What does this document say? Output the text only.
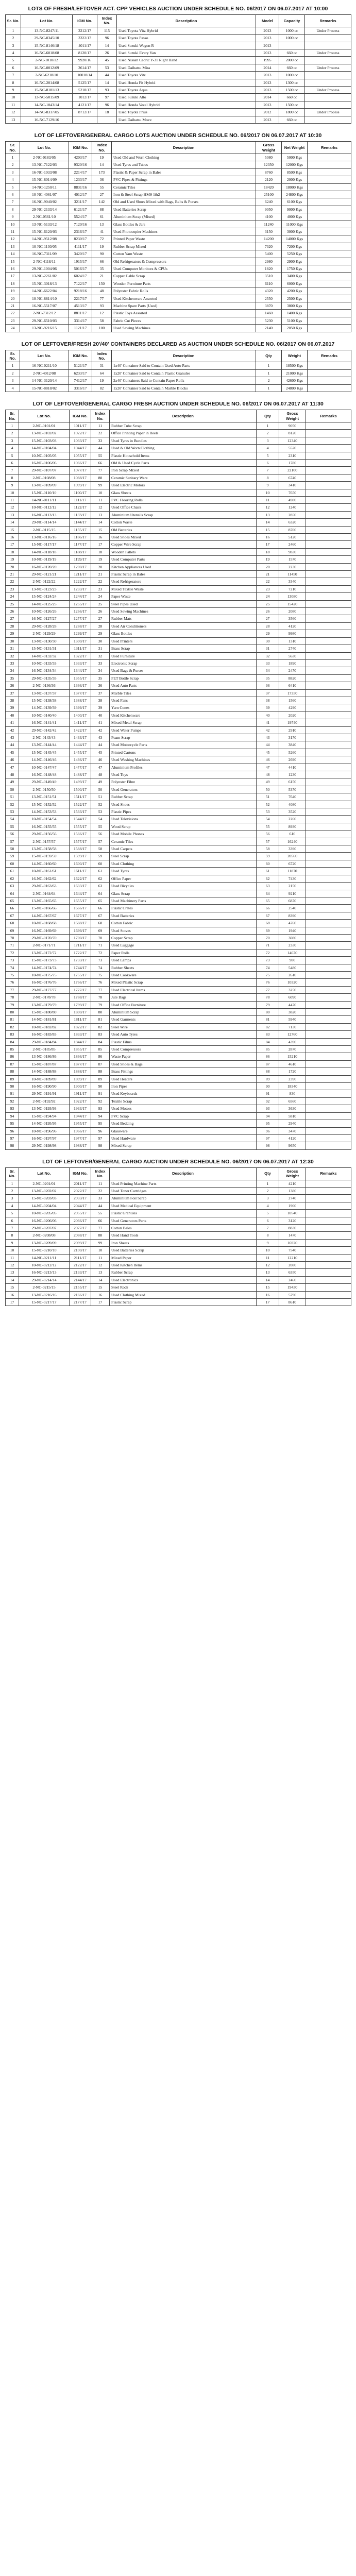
LOTS OF FRESH/LEFTOVER ACT. CPP VEHICLES AUCTION UNDER SCHEDULE NO. 06/2017 ON 06.07.2017 AT 10:00
Sr. No.	Lot No.	IGM No.	Index No.	Description	Model	Capacity	Remarks
1	13-NC-8247/11	3212/17	115	Used Toyota Vitz Hybrid	2013	1000 cc	Under Process
2	29-NC-0345/10	3322/17	96	Used Toyota Passo	2013	1000 cc	
3	15-NC-8146/18	4011/17	14	Used Suzuki Wagon R	2013		
4	16-NC-6018/08	8120/17	26	Used Suzuki Every Van	2013	660 cc	Under Process
5	2-NC-1010/12	9920/16	45	Used Nissan Cedric Y-31 Right Hand	1995	2000 cc	
6	10-NC-0012/09	3614/17	53	Used Daihatsu Mira	2014	660 cc	Under Process
7	2-NC-6218/10	10018/14	44	Used Toyota Vitz	2013	1000 cc	
8	10-NC-2014/08	5125/17	14	Used Honda Fit Hybrid	2013	1300 cc	
9	15-NC-8181/13	5218/17	93	Used Toyota Aqua	2013	1500 cc	Under Process
10	13-NC-5015/09	1012/17	97	Used Suzuki Alto	2014	660 cc	
11	14-NC-1043/14	4121/17	96	Used Honda Vezel Hybrid	2013	1500 cc	
12	14-NC-8317/05	8712/17	18	Used Toyota Prius	2012	1800 cc	Under Process
13	16-NC-7129/16			Used Daihatsu Move	2013	660 cc	
LOT OF LEFTOVER/GENERAL CARGO LOTS AUCTION UNDER SCHEDULE NO. 06/2017 ON 06.07.2017 AT 10:30
Sr. No.	Lot No.	IGM No.	Index No.	Description	Gross Weight	Net Weight	Remarks
1	2-NC-0183/05	4203/17	19	Used Old and Worn Clothing	5080	5000 Kgs	
2	13-NC-7122/03	9320/16	14	Used Tyres and Tubes	12350	12000 Kgs	
3	16-NC-1033/08	2214/17	173	Plastic & Paper Scrap in Bales	8760	8500 Kgs	
4	15-NC-8014/09	1233/17	36	PVC Pipes & Fittings	2120	2000 Kgs	
5	14-NC-1250/11	8831/16	55	Ceramic Tiles	18420	18000 Kgs	
6	10-NC-4061/07	4012/17	27	Iron & Steel Scrap HMS 1&2	25100	24800 Kgs	
7	16-NC-9040/02	3211/17	142	Old and Used Shoes Mixed with Bags, Belts & Purses	6240	6100 Kgs	
8	29-NC-2133/14	6121/17	88	Used Batteries Scrap	9050	9000 Kgs	
9	2-NC-0561/10	5524/17	61	Aluminium Scrap (Mixed)	4100	4000 Kgs	
10	13-NC-5133/12	7120/16	13	Glass Bottles & Jars	11240	11000 Kgs	
11	15-NC-6120/03	2316/17	41	Used Photocopier Machines	3150	3000 Kgs	
12	14-NC-9512/08	8230/17	72	Printed Paper Waste	14200	14000 Kgs	
13	10-NC-1130/05	4111/17	19	Rubber Scrap Mixed	7320	7200 Kgs	
14	16-NC-7311/09	3420/17	90	Cotton Yarn Waste	5400	5250 Kgs	
15	2-NC-4118/11	1915/17	66	Old Refrigerators & Compressors	2980	2900 Kgs	
16	29-NC-1004/06	5016/17	35	Used Computer Monitors & CPUs	1820	1750 Kgs	
17	13-NC-2261/02	6024/17	21	Copper Cable Scrap	3510	3400 Kgs	
18	15-NC-3018/13	7122/17	150	Wooden Furniture Parts	6110	6000 Kgs	
19	14-NC-6622/04	9218/16	48	Polyester Fabric Rolls	4320	4200 Kgs	
20	10-NC-8814/10	2217/17	77	Used Kitchenware Assorted	2550	2500 Kgs	
21	16-NC-5517/07	4513/17	93	Machine Spare Parts (Used)	3870	3800 Kgs	
22	2-NC-7312/12	8811/17	12	Plastic Toys Assorted	1460	1400 Kgs	
23	29-NC-6510/03	3314/17	58	Fabric Cut Pieces	5230	5100 Kgs	
24	13-NC-9216/15	1121/17	100	Used Sewing Machines	2140	2050 Kgs	
LOT OF LEFTOVER/FRESH 20'/40' CONTAINERS DECLARED AS AUCTION UNDER SCHEDULE NO. 06/2017 ON 06.07.2017
Sr. No.	Lot No.	IGM No.	Index No.	Description	Qty	Weight	Remarks
1	16-NC-0211/10	5121/17	31	1x40' Container Said to Contain Used Auto Parts	1	18500 Kgs	
2	2-NC-4012/08	6233/17	64	1x20' Container Said to Contain Plastic Granules	1	21000 Kgs	
3	14-NC-3120/14	7412/17	19	2x40' Containers Said to Contain Paper Rolls	2	42600 Kgs	
4	15-NC-8818/02	3316/17	82	1x20' Container Said to Contain Marble Blocks	1	24800 Kgs	
LOT OF LEFTOVER/GENERAL CARGO FRESH AUCTION UNDER SCHEDULE NO. 06/2017 ON 06.07.2017 AT 11:30
Sr. No.	Lot No.	IGM No.	Index No.	Description	Qty	Gross Weight	Remarks
1	2-NC-0101/01	1011/17	11	Rubber Tube Scrap	1	9050	
2	13-NC-0102/02	1022/17	22	Office Printing Paper in Reels	2	8120	
3	15-NC-0103/03	1033/17	33	Used Tyres in Bundles	3	12340	
4	14-NC-0104/04	1044/17	44	Used & Old Worn Clothing	4	5520	
5	10-NC-0105/05	1055/17	55	Plastic Household Items	5	2310	
6	16-NC-0106/06	1066/17	66	Old & Used Cycle Parts	6	1780	
7	29-NC-0107/07	1077/17	77	Iron Scrap Mixed	7	22100	
8	2-NC-0108/08	1088/17	88	Ceramic Sanitary Ware	8	6740	
9	13-NC-0109/09	1099/17	99	Used Electric Motors	9	3410	
10	15-NC-0110/10	1100/17	10	Glass Sheets	10	7650	
11	14-NC-0111/11	1111/17	11	PVC Flooring Rolls	11	4980	
12	10-NC-0112/12	1122/17	12	Used Office Chairs	12	1240	
13	16-NC-0113/13	1133/17	13	Aluminium Utensils Scrap	13	2850	
14	29-NC-0114/14	1144/17	14	Cotton Waste	14	6320	
15	2-NC-0115/15	1155/17	15	Old Batteries	15	8700	
16	13-NC-0116/16	1166/17	16	Used Shoes Mixed	16	5120	
17	15-NC-0117/17	1177/17	17	Copper Wire Scrap	17	2460	
18	14-NC-0118/18	1188/17	18	Wooden Pallets	18	9830	
19	10-NC-0119/19	1199/17	19	Used Computer Parts	19	1570	
20	16-NC-0120/20	1200/17	20	Kitchen Appliances Used	20	2230	
21	29-NC-0121/21	1211/17	21	Plastic Scrap in Bales	21	11450	
22	2-NC-0122/22	1222/17	22	Used Refrigerators	22	3340	
23	13-NC-0123/23	1233/17	23	Mixed Textile Waste	23	7210	
24	15-NC-0124/24	1244/17	24	Paper Waste	24	13080	
25	14-NC-0125/25	1255/17	25	Steel Pipes Used	25	15420	
26	10-NC-0126/26	1266/17	26	Used Sewing Machines	26	2080	
27	16-NC-0127/27	1277/17	27	Rubber Mats	27	3560	
28	29-NC-0128/28	1288/17	28	Used Air Conditioners	28	4120	
29	2-NC-0129/29	1299/17	29	Glass Bottles	29	9980	
30	13-NC-0130/30	1300/17	30	Used Printers	30	1310	
31	15-NC-0131/31	1311/17	31	Brass Scrap	31	2740	
32	14-NC-0132/32	1322/17	32	Used Furniture	32	5630	
33	10-NC-0133/33	1333/17	33	Electronic Scrap	33	1890	
34	16-NC-0134/34	1344/17	34	Used Bags & Purses	34	2470	
35	29-NC-0135/35	1355/17	35	PET Bottle Scrap	35	8820	
36	2-NC-0136/36	1366/17	36	Used Auto Parts	36	6410	
37	13-NC-0137/37	1377/17	37	Marble Tiles	37	17350	
38	15-NC-0138/38	1388/17	38	Used Fans	38	1560	
39	14-NC-0139/39	1399/17	39	Yarn Cones	39	4290	
40	10-NC-0140/40	1400/17	40	Used Kitchenware	40	2020	
41	16-NC-0141/41	1411/17	41	Mixed Metal Scrap	41	19740	
42	29-NC-0142/42	1422/17	42	Used Water Pumps	42	2910	
43	2-NC-0143/43	1433/17	43	Foam Scrap	43	3170	
44	13-NC-0144/44	1444/17	44	Used Motorcycle Parts	44	3840	
45	15-NC-0145/45	1455/17	45	Printed Cartons	45	5260	
46	14-NC-0146/46	1466/17	46	Used Washing Machines	46	2690	
47	10-NC-0147/47	1477/17	47	Aluminium Profiles	47	4410	
48	16-NC-0148/48	1488/17	48	Used Toys	48	1230	
49	29-NC-0149/49	1499/17	49	Polyester Fibre	49	6150	
50	2-NC-0150/50	1500/17	50	Used Generators	50	5370	
51	13-NC-0151/51	1511/17	51	Rubber Scrap	51	7640	
52	15-NC-0152/52	1522/17	52	Used Shoes	52	4080	
53	14-NC-0153/53	1533/17	53	Plastic Pipes	53	3520	
54	10-NC-0154/54	1544/17	54	Used Televisions	54	2260	
55	16-NC-0155/55	1555/17	55	Wood Scrap	55	8930	
56	29-NC-0156/56	1566/17	56	Used Mobile Phones	56	610	
57	2-NC-0157/57	1577/17	57	Ceramic Tiles	57	16240	
58	13-NC-0158/58	1588/17	58	Used Carpets	58	3390	
59	15-NC-0159/59	1599/17	59	Steel Scrap	59	20560	
60	14-NC-0160/60	1600/17	60	Used Clothing	60	6720	
61	10-NC-0161/61	1611/17	61	Used Tyres	61	11870	
62	16-NC-0162/62	1622/17	62	Office Paper	62	7430	
63	29-NC-0163/63	1633/17	63	Used Bicycles	63	2150	
64	2-NC-0164/64	1644/17	64	Glass Scrap	64	9210	
65	13-NC-0165/65	1655/17	65	Used Machinery Parts	65	6870	
66	15-NC-0166/66	1666/17	66	Plastic Crates	66	2540	
67	14-NC-0167/67	1677/17	67	Used Batteries	67	8390	
68	10-NC-0168/68	1688/17	68	Cotton Fabric	68	4760	
69	16-NC-0169/69	1699/17	69	Used Stoves	69	1940	
70	29-NC-0170/70	1700/17	70	Copper Scrap	70	3080	
71	2-NC-0171/71	1711/17	71	Used Luggage	71	2330	
72	13-NC-0172/72	1722/17	72	Paper Rolls	72	14670	
73	15-NC-0173/73	1733/17	73	Used Lamps	73	980	
74	14-NC-0174/74	1744/17	74	Rubber Sheets	74	5480	
75	10-NC-0175/75	1755/17	75	Used Cookware	75	2610	
76	16-NC-0176/76	1766/17	76	Mixed Plastic Scrap	76	10320	
77	29-NC-0177/77	1777/17	77	Used Electrical Items	77	3250	
78	2-NC-0178/78	1788/17	78	Jute Bags	78	6090	
79	13-NC-0179/79	1799/17	79	Used Office Furniture	79	4470	
80	15-NC-0180/80	1800/17	80	Aluminium Scrap	80	3820	
81	14-NC-0181/81	1811/17	81	Used Garments	81	5940	
82	10-NC-0182/82	1822/17	82	Steel Wire	82	7130	
83	16-NC-0183/83	1833/17	83	Used Auto Tyres	83	12760	
84	29-NC-0184/84	1844/17	84	Plastic Films	84	4390	
85	2-NC-0185/85	1855/17	85	Used Compressors	85	2870	
86	13-NC-0186/86	1866/17	86	Waste Paper	86	15210	
87	15-NC-0187/87	1877/17	87	Used Shoes & Bags	87	4610	
88	14-NC-0188/88	1888/17	88	Brass Fittings	88	1720	
89	10-NC-0189/89	1899/17	89	Used Heaters	89	2390	
90	16-NC-0190/90	1900/17	90	Iron Pipes	90	18340	
91	29-NC-0191/91	1911/17	91	Used Keyboards	91	830	
92	2-NC-0192/92	1922/17	92	Textile Scrap	92	6560	
93	13-NC-0193/93	1933/17	93	Used Motors	93	3630	
94	15-NC-0194/94	1944/17	94	PVC Scrap	94	5810	
95	14-NC-0195/95	1955/17	95	Used Bedding	95	2940	
96	10-NC-0196/96	1966/17	96	Glassware	96	3470	
97	16-NC-0197/97	1977/17	97	Used Hardware	97	4120	
98	29-NC-0198/98	1988/17	98	Mixed Scrap	98	9650	
LOT OF LEFTOVER/GENERAL CARGO AUCTION UNDER SCHEDULE NO. 06/2017 ON 06.07.2017 AT 12:30
Sr. No.	Lot No.	IGM No.	Index No.	Description	Qty	Gross Weight	Remarks
1	2-NC-0201/01	2011/17	11	Used Printing Machine Parts	1	4210	
2	13-NC-0202/02	2022/17	22	Used Toner Cartridges	2	1380	
3	15-NC-0203/03	2033/17	33	Aluminium Foil Scrap	3	2740	
4	14-NC-0204/04	2044/17	44	Used Medical Equipment	4	1960	
5	10-NC-0205/05	2055/17	55	Plastic Granules	5	10540	
6	16-NC-0206/06	2066/17	66	Used Generators Parts	6	3120	
7	29-NC-0207/07	2077/17	77	Cotton Bales	7	8830	
8	2-NC-0208/08	2088/17	88	Used Hand Tools	8	1470	
9	13-NC-0209/09	2099/17	99	Iron Sheets	9	16920	
10	15-NC-0210/10	2100/17	10	Used Batteries Scrap	10	7540	
11	14-NC-0211/11	2111/17	11	Mixed Paper	11	12210	
12	10-NC-0212/12	2122/17	12	Used Kitchen Items	12	2080	
13	16-NC-0213/13	2133/17	13	Rubber Scrap	13	6350	
14	29-NC-0214/14	2144/17	14	Used Electronics	14	2460	
15	2-NC-0215/15	2155/17	15	Steel Rods	15	19430	
16	13-NC-0216/16	2166/17	16	Used Clothing Mixed	16	5790	
17	15-NC-0217/17	2177/17	17	Plastic Scrap	17	8610	
